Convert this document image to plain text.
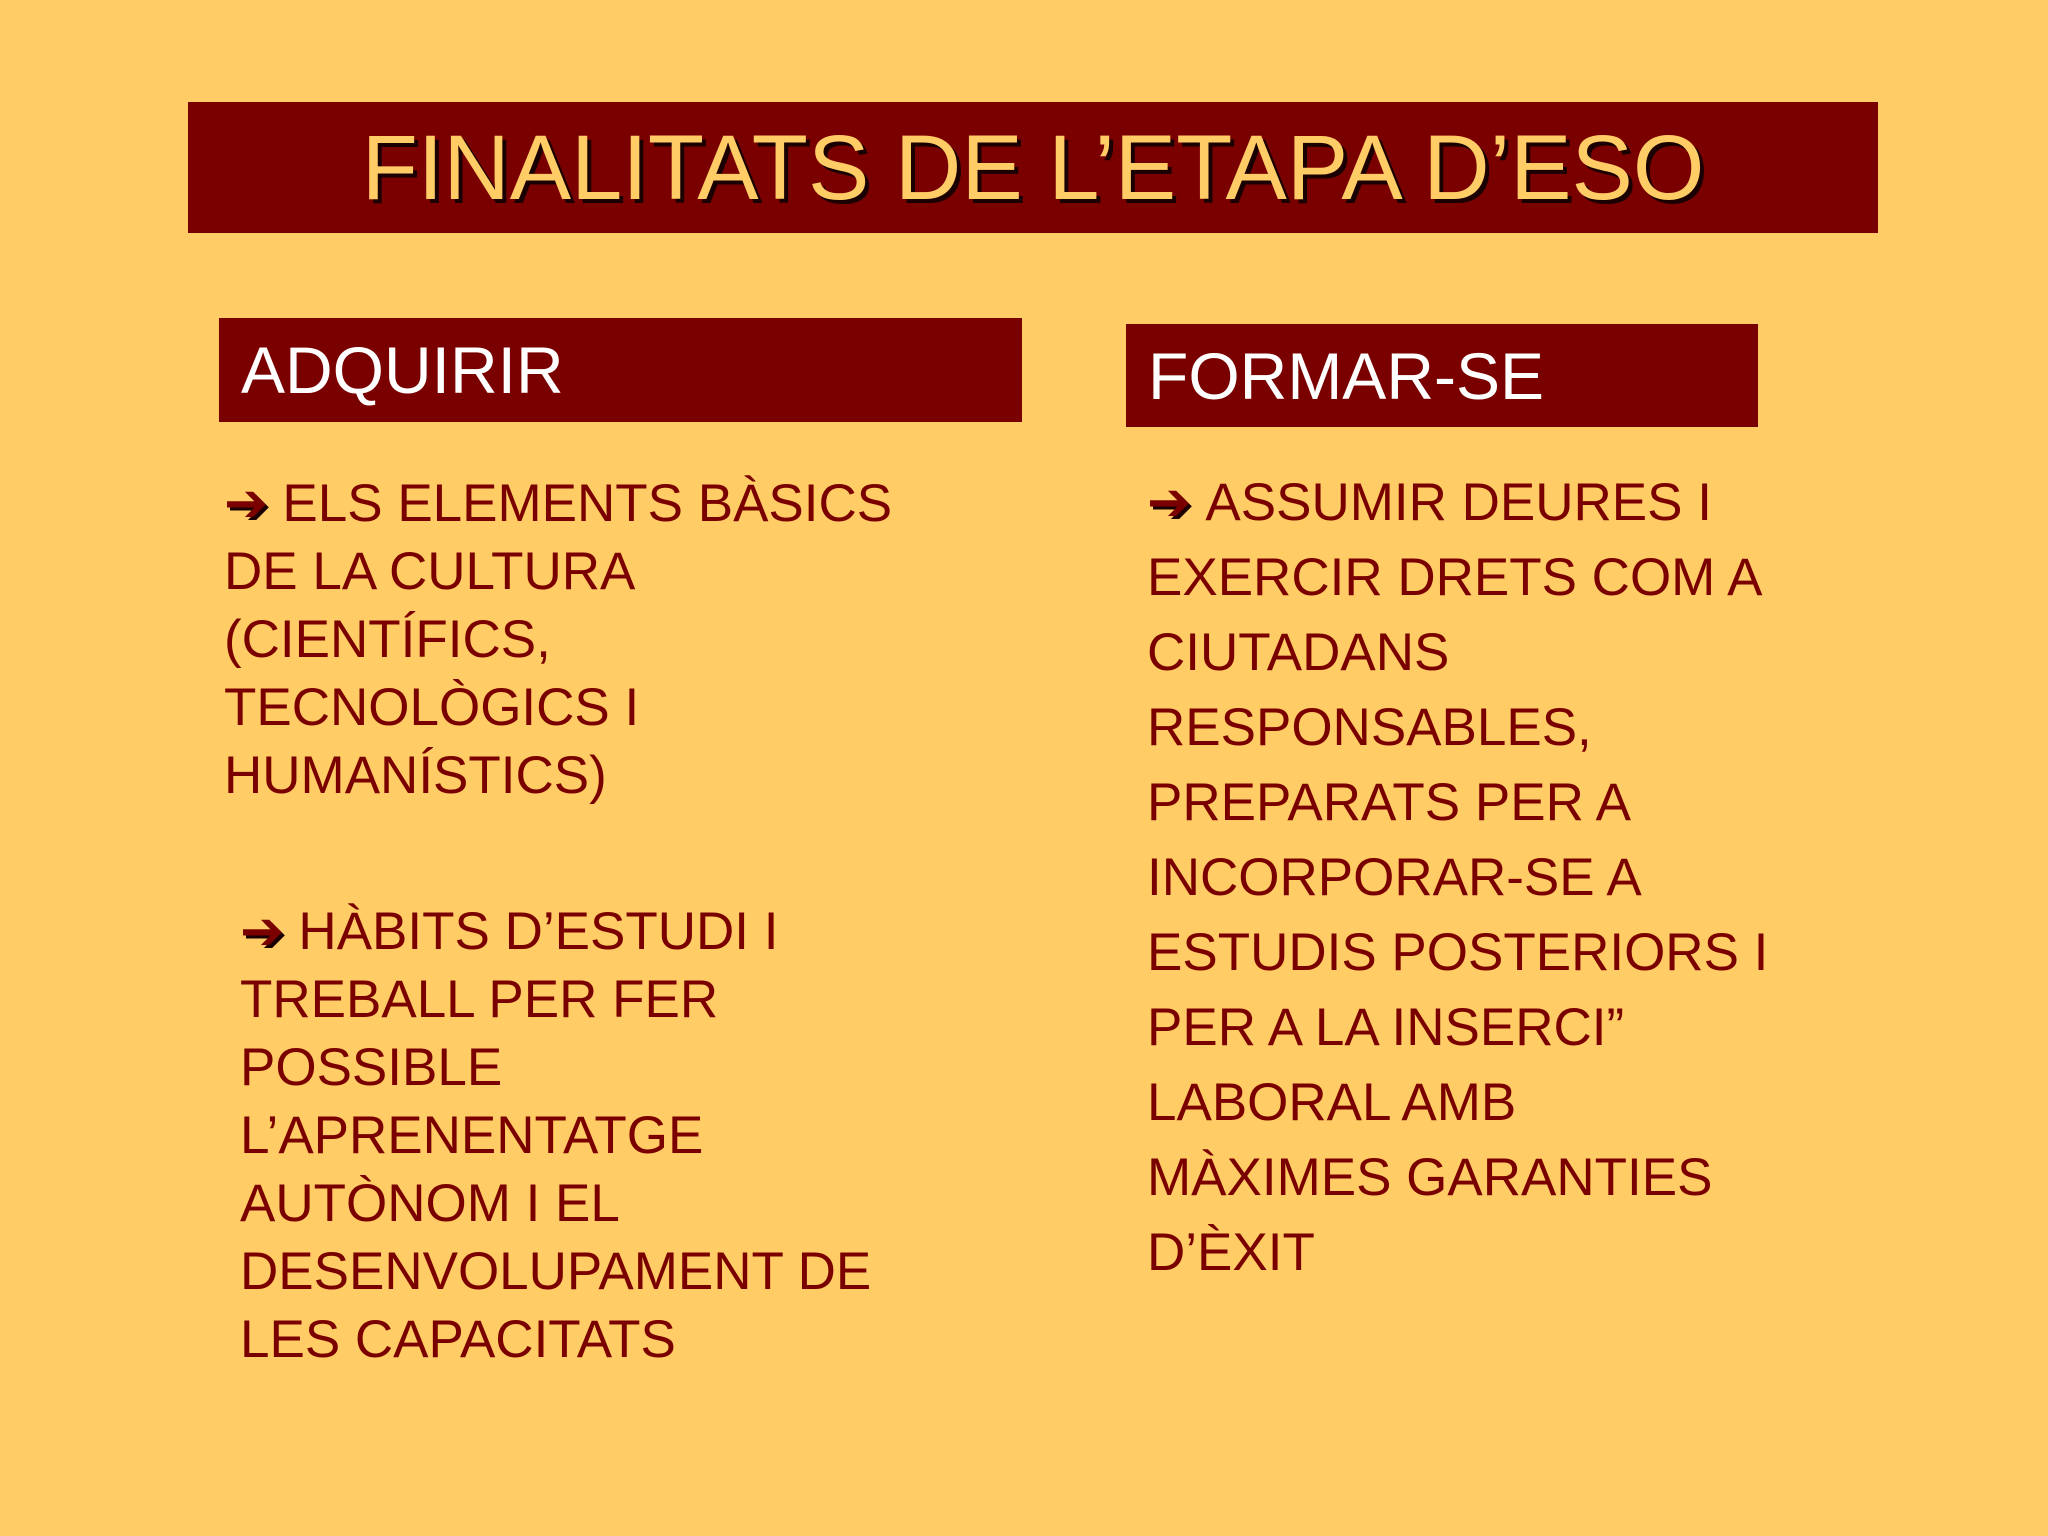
FINALITATS DE L’ETAPA D’ESO
ADQUIRIR	FORMAR-SE
➔ ELS ELEMENTS BÀSICS
DE LA CULTURA
(CIENTÍFICS,
TECNOLÒGICS I
HUMANÍSTICS)
➔ HÀBITS D’ESTUDI I
TREBALL PER FER
POSSIBLE
L’APRENENTATGE
AUTÒNOM I EL
DESENVOLUPAMENT DE
LES CAPACITATS
➔ ASSUMIR DEURES I
EXERCIR DRETS COM A
CIUTADANS
RESPONSABLES,
PREPARATS PER A
INCORPORAR-SE A
ESTUDIS POSTERIORS I
PER A LA INSERCI”
LABORAL AMB
MÀXIMES GARANTIES
D’ÈXIT
